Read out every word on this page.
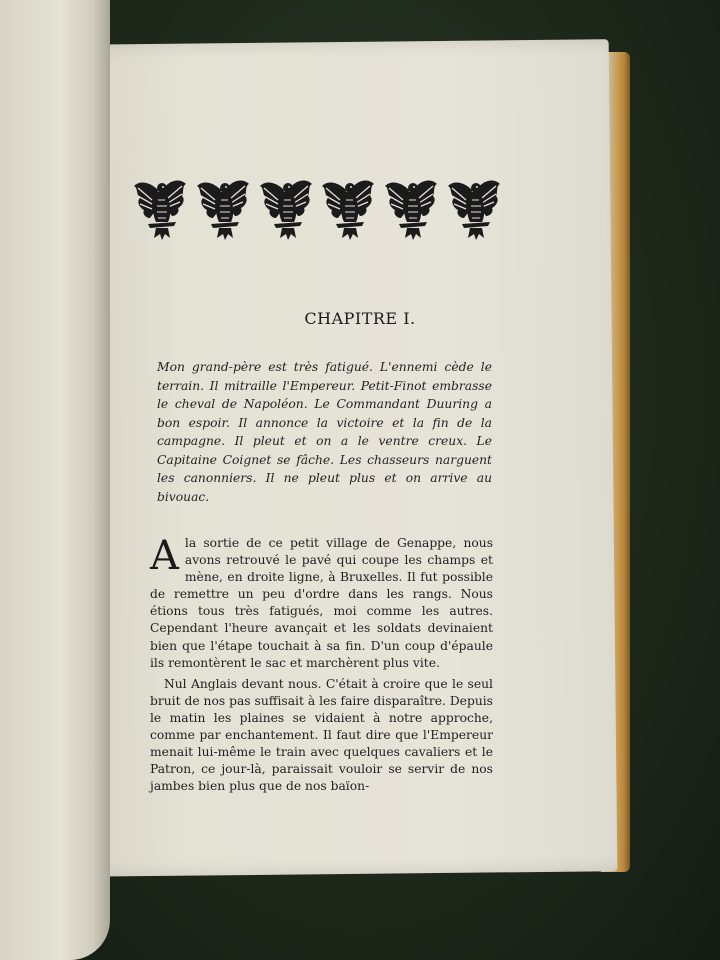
CHAPITRE I.
Mon grand-père est très fatigué. L'ennemi cède le terrain. Il mitraille l'Empereur. Petit-Finot embrasse le cheval de Napoléon. Le Commandant Duuring a bon espoir. Il annonce la victoire et la fin de la campagne. Il pleut et on a le ventre creux. Le Capitaine Coignet se fâche. Les chasseurs narguent les canonniers. Il ne pleut plus et on arrive au bivouac.

Ala sortie de ce petit village de Genappe, nous avons retrouvé le pavé qui coupe les champs et mène, en droite ligne, à Bruxelles. Il fut possible de remettre un peu d'ordre dans les rangs. Nous étions tous très fatigués, moi comme les autres. Cependant l'heure avançait et les soldats devinaient bien que l'étape touchait à sa fin. D'un coup d'épaule ils remontèrent le sac et marchèrent plus vite.

Nul Anglais devant nous. C'était à croire que le seul bruit de nos pas suffisait à les faire disparaître. Depuis le matin les plaines se vidaient à notre approche, comme par enchantement. Il faut dire que l'Empereur menait lui-même le train avec quelques cavaliers et le Patron, ce jour-là, paraissait vouloir se servir de nos jambes bien plus que de nos baïon-
